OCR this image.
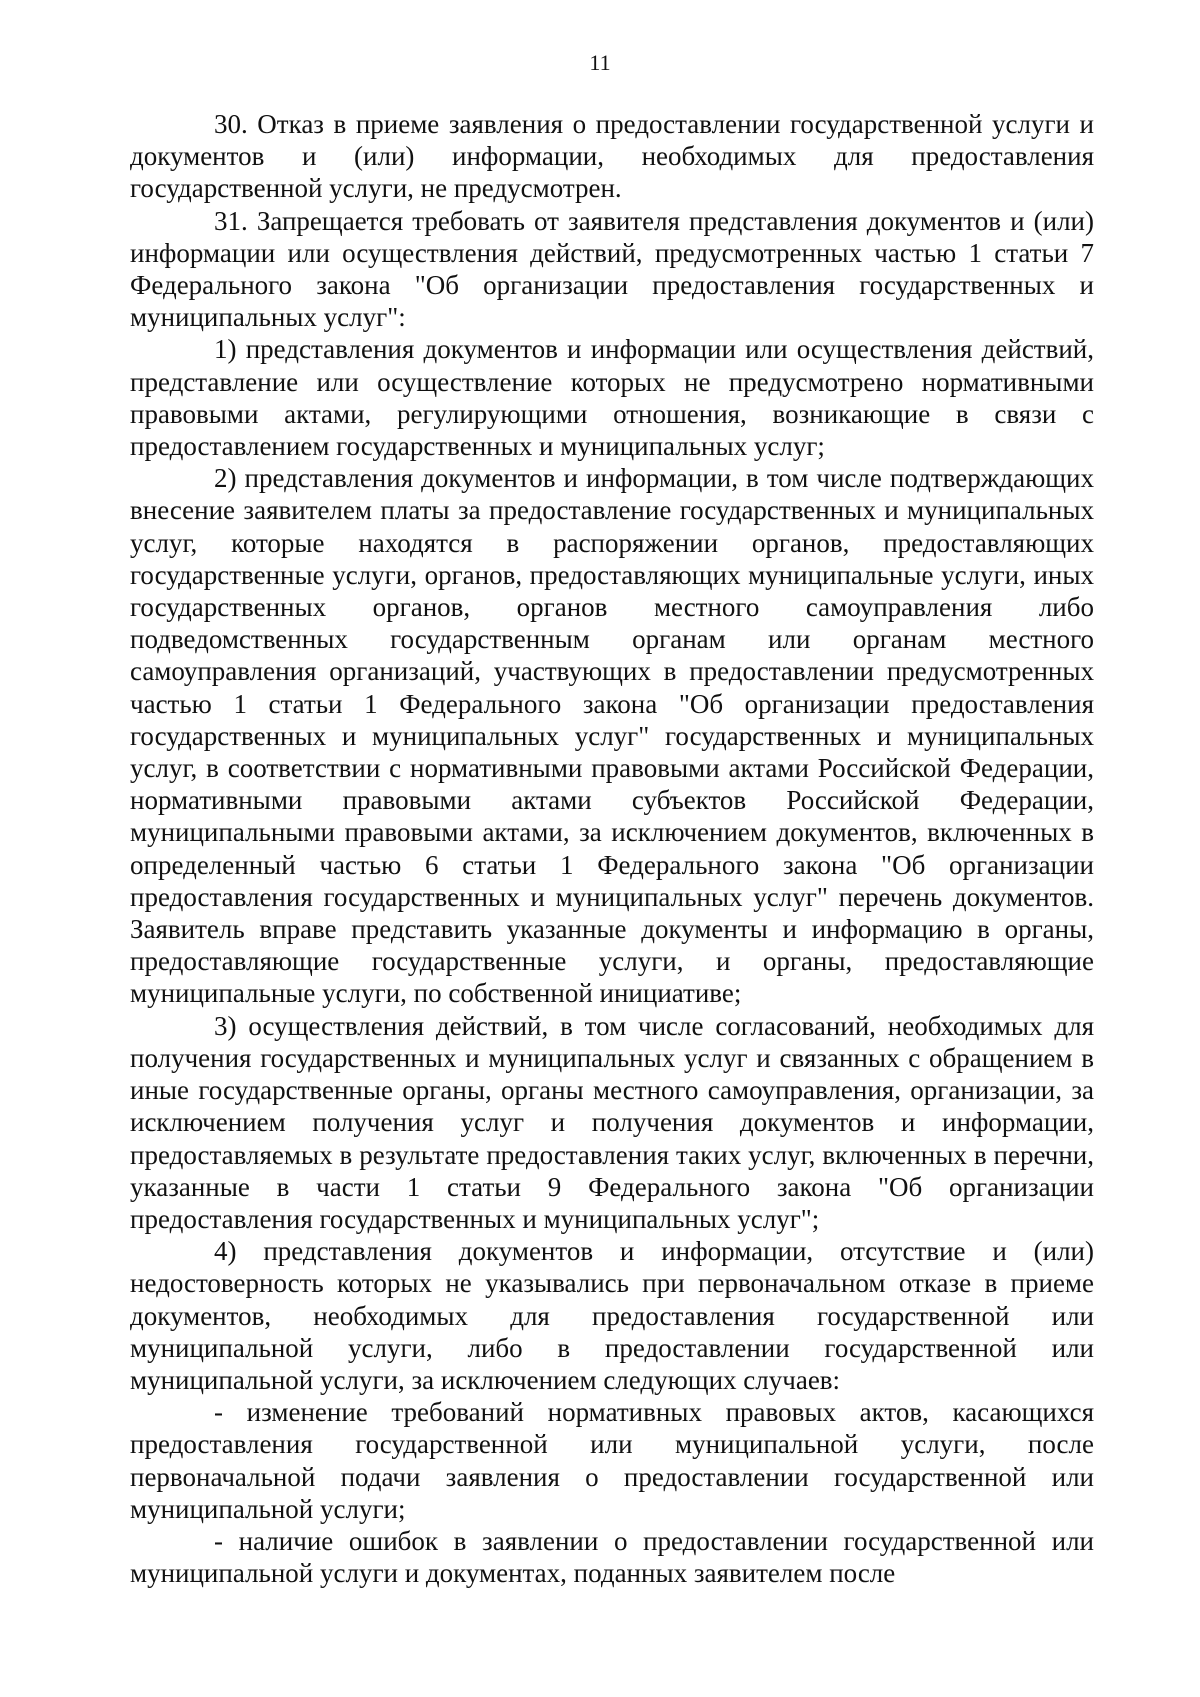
11

30. Отказ в приеме заявления о предоставлении государственной услуги и документов и (или) информации, необходимых для предоставления государственной услуги, не предусмотрен.

31. Запрещается требовать от заявителя представления документов и (или) информации или осуществления действий, предусмотренных частью 1 статьи 7 Федерального закона "Об организации предоставления государственных и муниципальных услуг":

1) представления документов и информации или осуществления действий, представление или осуществление которых не предусмотрено нормативными правовыми актами, регулирующими отношения, возникающие в связи с предоставлением государственных и муниципальных услуг;

2) представления документов и информации, в том числе подтверждающих внесение заявителем платы за предоставление государственных и муниципальных услуг, которые находятся в распоряжении органов, предоставляющих государственные услуги, органов, предоставляющих муниципальные услуги, иных государственных органов, органов местного самоуправления либо подведомственных государственным органам или органам местного самоуправления организаций, участвующих в предоставлении предусмотренных частью 1 статьи 1 Федерального закона "Об организации предоставления государственных и муниципальных услуг" государственных и муниципальных услуг, в соответствии с нормативными правовыми актами Российской Федерации, нормативными правовыми актами субъектов Российской Федерации, муниципальными правовыми актами, за исключением документов, включенных в определенный частью 6 статьи 1 Федерального закона "Об организации предоставления государственных и муниципальных услуг" перечень документов. Заявитель вправе представить указанные документы и информацию в органы, предоставляющие государственные услуги, и органы, предоставляющие муниципальные услуги, по собственной инициативе;

3) осуществления действий, в том числе согласований, необходимых для получения государственных и муниципальных услуг и связанных с обращением в иные государственные органы, органы местного самоуправления, организации, за исключением получения услуг и получения документов и информации, предоставляемых в результате предоставления таких услуг, включенных в перечни, указанные в части 1 статьи 9 Федерального закона "Об организации предоставления государственных и муниципальных услуг";

4) представления документов и информации, отсутствие и (или) недостоверность которых не указывались при первоначальном отказе в приеме документов, необходимых для предоставления государственной или муниципальной услуги, либо в предоставлении государственной или муниципальной услуги, за исключением следующих случаев:

- изменение требований нормативных правовых актов, касающихся предоставления государственной или муниципальной услуги, после первоначальной подачи заявления о предоставлении государственной или муниципальной услуги;

- наличие ошибок в заявлении о предоставлении государственной или муниципальной услуги и документах, поданных заявителем после
